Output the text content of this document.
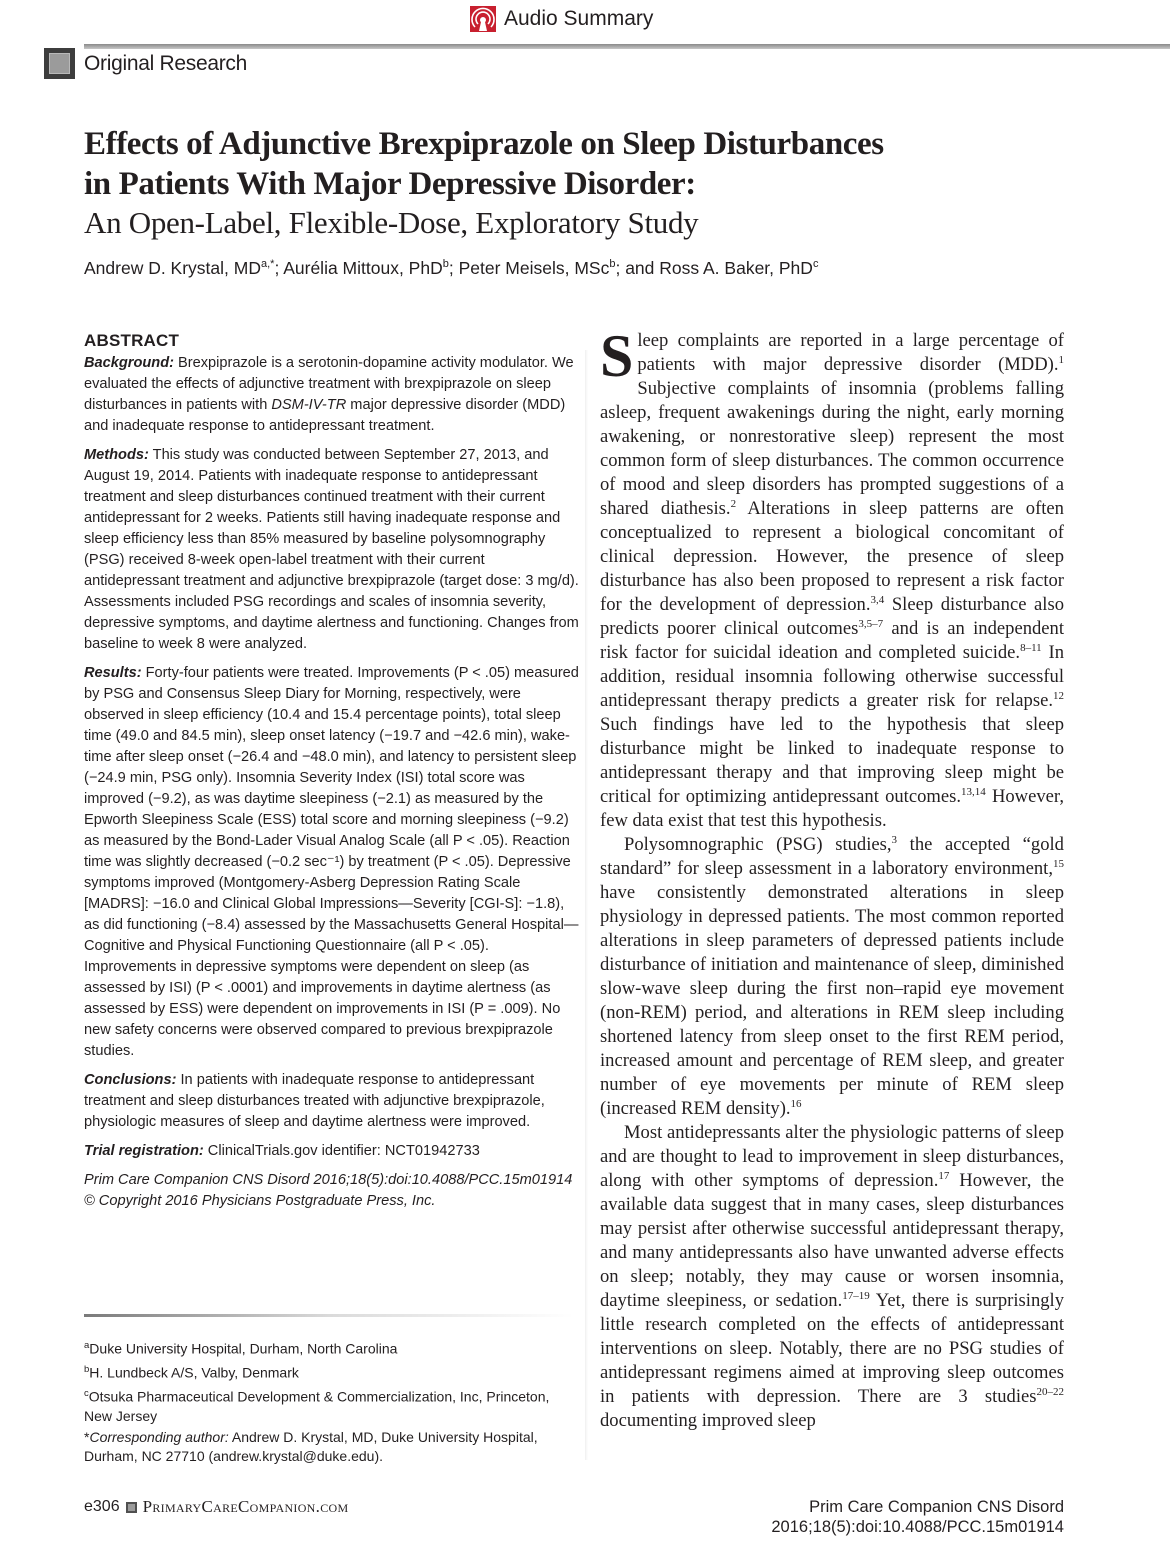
Audio Summary
Original Research
Effects of Adjunctive Brexpiprazole on Sleep Disturbances
in Patients With Major Depressive Disorder:
An Open-Label, Flexible-Dose, Exploratory Study
Andrew D. Krystal, $MD^{a,*}$; Aurélia Mittoux, PhD$^b$; Peter Meisels, MSc$^b$; and Ross A. Baker, PhD$^c$
ABSTRACT

Background: Brexpiprazole is a serotonin-dopamine activity modulator. We evaluated the effects of adjunctive treatment with brexpiprazole on sleep disturbances in patients with DSM-IV-TR major depressive disorder (MDD) and inadequate response to antidepressant treatment.

Methods: This study was conducted between September 27, 2013, and August 19, 2014. Patients with inadequate response to antidepressant treatment and sleep disturbances continued treatment with their current antidepressant for 2 weeks. Patients still having inadequate response and sleep efficiency less than 85% measured by baseline polysomnography (PSG) received 8-week open-label treatment with their current antidepressant treatment and adjunctive brexpiprazole (target dose: 3 mg/d). Assessments included PSG recordings and scales of insomnia severity, depressive symptoms, and daytime alertness and functioning. Changes from baseline to week 8 were analyzed.

Results: Forty-four patients were treated. Improvements (P < .05) measured by PSG and Consensus Sleep Diary for Morning, respectively, were observed in sleep efficiency (10.4 and 15.4 percentage points), total sleep time (49.0 and 84.5 min), sleep onset latency (−19.7 and −42.6 min), wake-time after sleep onset (−26.4 and −48.0 min), and latency to persistent sleep (−24.9 min, PSG only). Insomnia Severity Index (ISI) total score was improved (−9.2), as was daytime sleepiness (−2.1) as measured by the Epworth Sleepiness Scale (ESS) total score and morning sleepiness (−9.2) as measured by the Bond-Lader Visual Analog Scale (all P < .05). Reaction time was slightly decreased (−0.2 sec⁻¹) by treatment (P < .05). Depressive symptoms improved (Montgomery-Asberg Depression Rating Scale [MADRS]: −16.0 and Clinical Global Impressions—Severity [CGI-S]: −1.8), as did functioning (−8.4) assessed by the Massachusetts General Hospital—Cognitive and Physical Functioning Questionnaire (all P < .05). Improvements in depressive symptoms were dependent on sleep (as assessed by ISI) (P < .0001) and improvements in daytime alertness (as assessed by ESS) were dependent on improvements in ISI (P = .009). No new safety concerns were observed compared to previous brexpiprazole studies.

Conclusions: In patients with inadequate response to antidepressant treatment and sleep disturbances treated with adjunctive brexpiprazole, physiologic measures of sleep and daytime alertness were improved.

Trial registration: ClinicalTrials.gov identifier: NCT01942733

Prim Care Companion CNS Disord 2016;18(5):doi:10.4088/PCC.15m01914

© Copyright 2016 Physicians Postgraduate Press, Inc.

$^a$Duke University Hospital, Durham, North Carolina

$^b$H. Lundbeck A/S, Valby, Denmark

$^c$Otsuka Pharmaceutical Development & Commercialization, Inc, Princeton, New Jersey

*Corresponding author: Andrew D. Krystal, MD, Duke University Hospital, Durham, NC 27710 (andrew.krystal@duke.edu).

Sleep complaints are reported in a large percentage of patients with major depressive disorder (MDD).$^1$ Subjective complaints of insomnia (problems falling asleep, frequent awakenings during the night, early morning awakening, or nonrestorative sleep) represent the most common form of sleep disturbances. The common occurrence of mood and sleep disorders has prompted suggestions of a shared diathesis.$^2$ Alterations in sleep patterns are often conceptualized to represent a biological concomitant of clinical depression. However, the presence of sleep disturbance has also been proposed to represent a risk factor for the development of depression.$^{3,4}$ Sleep disturbance also predicts poorer clinical outcomes$^{3,5-7}$ and is an independent risk factor for suicidal ideation and completed suicide.$^{8-11}$ In addition, residual insomnia following otherwise successful antidepressant therapy predicts a greater risk for relapse.$^{12}$ Such findings have led to the hypothesis that sleep disturbance might be linked to inadequate response to antidepressant therapy and that improving sleep might be critical for optimizing antidepressant outcomes.$^{13,14}$ However, few data exist that test this hypothesis.

Polysomnographic (PSG) studies,$^3$ the accepted “gold standard” for sleep assessment in a laboratory environment,$^{15}$ have consistently demonstrated alterations in sleep physiology in depressed patients. The most common reported alterations in sleep parameters of depressed patients include disturbance of initiation and maintenance of sleep, diminished slow-wave sleep during the first non–rapid eye movement (non-REM) period, and alterations in REM sleep including shortened latency from sleep onset to the first REM period, increased amount and percentage of REM sleep, and greater number of eye movements per minute of REM sleep (increased REM density).$^{16}$

Most antidepressants alter the physiologic patterns of sleep and are thought to lead to improvement in sleep disturbances, along with other symptoms of depression.$^{17}$ However, the available data suggest that in many cases, sleep disturbances may persist after otherwise successful antidepressant therapy, and many antidepressants also have unwanted adverse effects on sleep; notably, they may cause or worsen insomnia, daytime sleepiness, or sedation.$^{17-19}$ Yet, there is surprisingly little research completed on the effects of antidepressant interventions on sleep. Notably, there are no PSG studies of antidepressant regimens aimed at improving sleep outcomes in patients with depression. There are 3 studies$^{20-22}$ documenting improved sleep

e306 PrimaryCareCompanion.com	Prim Care Companion CNS Disord
2016;18(5):doi:10.4088/PCC.15m01914
